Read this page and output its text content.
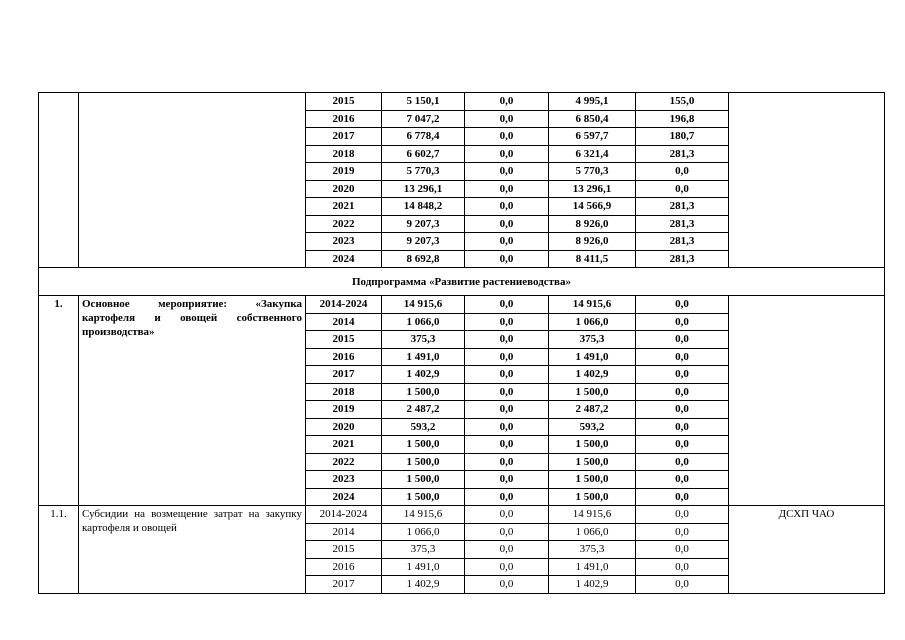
		2015	5 150,1	0,0	4 995,1	155,0	
		2016	7 047,2	0,0	6 850,4	196,8	
		2017	6 778,4	0,0	6 597,7	180,7	
		2018	6 602,7	0,0	6 321,4	281,3	
		2019	5 770,3	0,0	5 770,3	0,0	
		2020	13 296,1	0,0	13 296,1	0,0	
		2021	14 848,2	0,0	14 566,9	281,3	
		2022	9 207,3	0,0	8 926,0	281,3	
		2023	9 207,3	0,0	8 926,0	281,3	
		2024	8 692,8	0,0	8 411,5	281,3	
Подпрограмма «Развитие растениеводства»							
1.	Основное мероприятие: «Закупка картофеля и овощей собственного производства»	2014-2024	14 915,6	0,0	14 915,6	0,0	
		2014	1 066,0	0,0	1 066,0	0,0	
		2015	375,3	0,0	375,3	0,0	
		2016	1 491,0	0,0	1 491,0	0,0	
		2017	1 402,9	0,0	1 402,9	0,0	
		2018	1 500,0	0,0	1 500,0	0,0	
		2019	2 487,2	0,0	2 487,2	0,0	
		2020	593,2	0,0	593,2	0,0	
		2021	1 500,0	0,0	1 500,0	0,0	
		2022	1 500,0	0,0	1 500,0	0,0	
		2023	1 500,0	0,0	1 500,0	0,0	
		2024	1 500,0	0,0	1 500,0	0,0	
1.1.	Субсидии на возмещение затрат на закупку картофеля и овощей	2014-2024	14 915,6	0,0	14 915,6	0,0	ДСХП ЧАО
		2014	1 066,0	0,0	1 066,0	0,0	
		2015	375,3	0,0	375,3	0,0	
		2016	1 491,0	0,0	1 491,0	0,0	
		2017	1 402,9	0,0	1 402,9	0,0	
